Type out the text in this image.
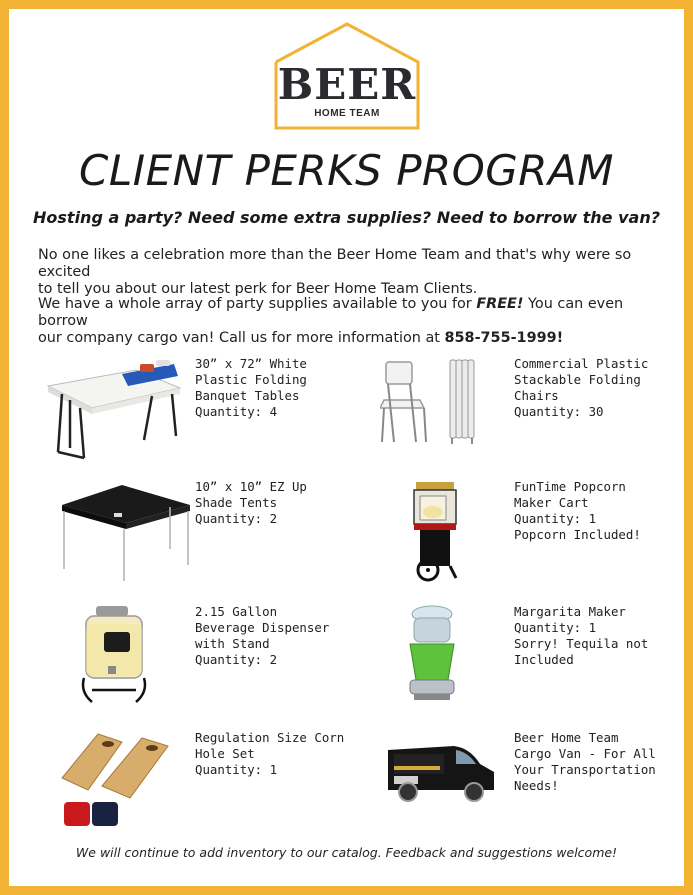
BEER
HOME TEAM
CLIENT PERKS PROGRAM
Hosting a party? Need some extra supplies? Need to borrow the van?
No one likes a celebration more than the Beer Home Team and that's why were so excited
to tell you about our latest perk for Beer Home Team Clients.
We have a whole array of party supplies available to you for FREE! You can even borrow
our company cargo van! Call us for more information at 858-755-1999!
30” x 72” White
Plastic Folding
Banquet Tables
Quantity: 4
Commercial Plastic
Stackable Folding
Chairs
Quantity: 30
10” x 10” EZ Up
Shade Tents
Quantity: 2
FunTime Popcorn
Maker Cart
Quantity: 1
Popcorn Included!
2.15 Gallon
Beverage Dispenser
with Stand
Quantity: 2
Margarita Maker
Quantity: 1
Sorry! Tequila not
Included
Regulation Size Corn
Hole Set
Quantity: 1
Beer Home Team
Cargo Van - For All
Your Transportation
Needs!
We will continue to add inventory to our catalog. Feedback and suggestions welcome!
